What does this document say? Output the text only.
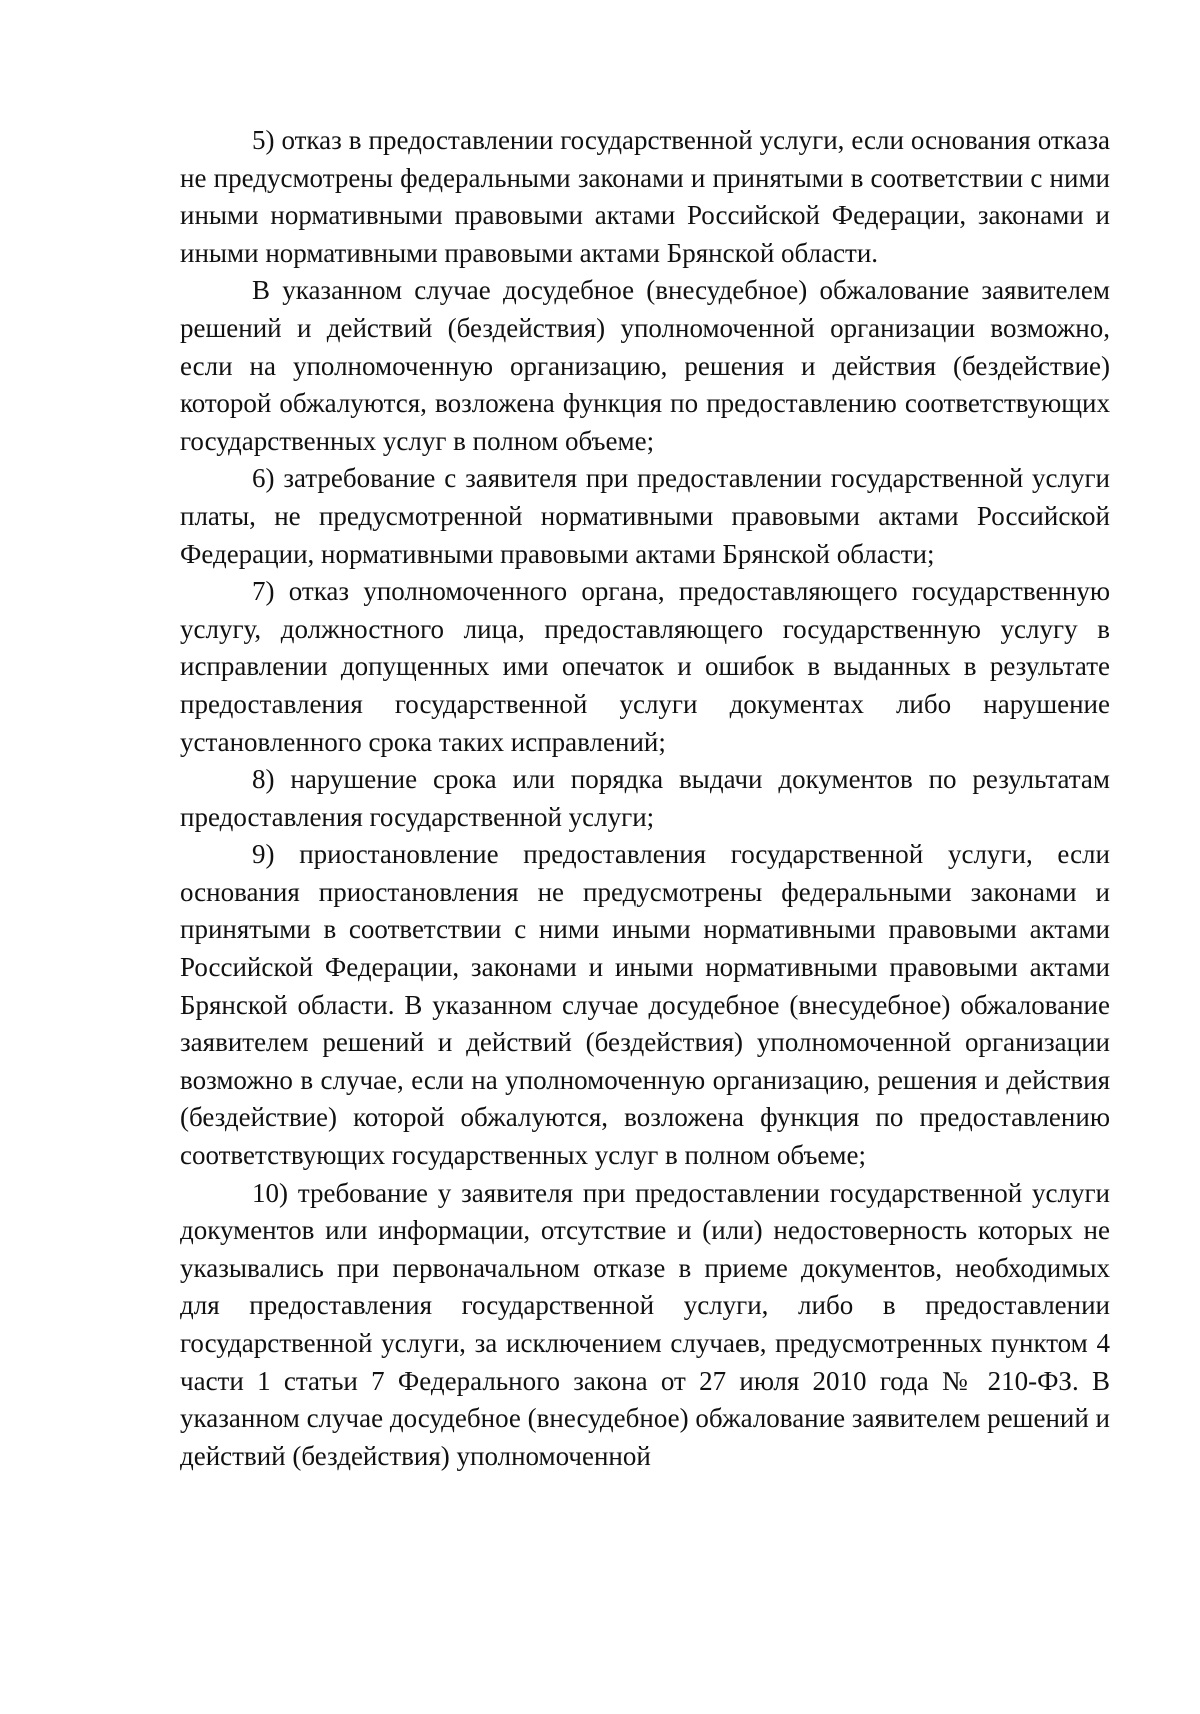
5) отказ в предоставлении государственной услуги, если основания отказа не предусмотрены федеральными законами и принятыми в соответствии с ними иными нормативными правовыми актами Российской Федерации, законами и иными нормативными правовыми актами Брянской области.

В указанном случае досудебное (внесудебное) обжалование заявителем решений и действий (бездействия) уполномоченной организации возможно, если на уполномоченную организацию, решения и действия (бездействие) которой обжалуются, возложена функция по предоставлению соответствующих государственных услуг в полном объеме;

6) затребование с заявителя при предоставлении государственной услуги платы, не предусмотренной нормативными правовыми актами Российской Федерации, нормативными правовыми актами Брянской области;

7) отказ уполномоченного органа, предоставляющего государственную услугу, должностного лица, предоставляющего государственную услугу в исправлении допущенных ими опечаток и ошибок в выданных в результате предоставления государственной услуги документах либо нарушение установленного срока таких исправлений;

8) нарушение срока или порядка выдачи документов по результатам предоставления государственной услуги;

9) приостановление предоставления государственной услуги, если основания приостановления не предусмотрены федеральными законами и принятыми в соответствии с ними иными нормативными правовыми актами Российской Федерации, законами и иными нормативными правовыми актами Брянской области. В указанном случае досудебное (внесудебное) обжалование заявителем решений и действий (бездействия) уполномоченной организации возможно в случае, если на уполномоченную организацию, решения и действия (бездействие) которой обжалуются, возложена функция по предоставлению соответствующих государственных услуг в полном объеме;

10) требование у заявителя при предоставлении государственной услуги документов или информации, отсутствие и (или) недостоверность которых не указывались при первоначальном отказе в приеме документов, необходимых для предоставления государственной услуги, либо в предоставлении государственной услуги, за исключением случаев, предусмотренных пунктом 4 части 1 статьи 7 Федерального закона от 27 июля 2010 года № 210-ФЗ. В указанном случае досудебное (внесудебное) обжалование заявителем решений и действий (бездействия) уполномоченной
